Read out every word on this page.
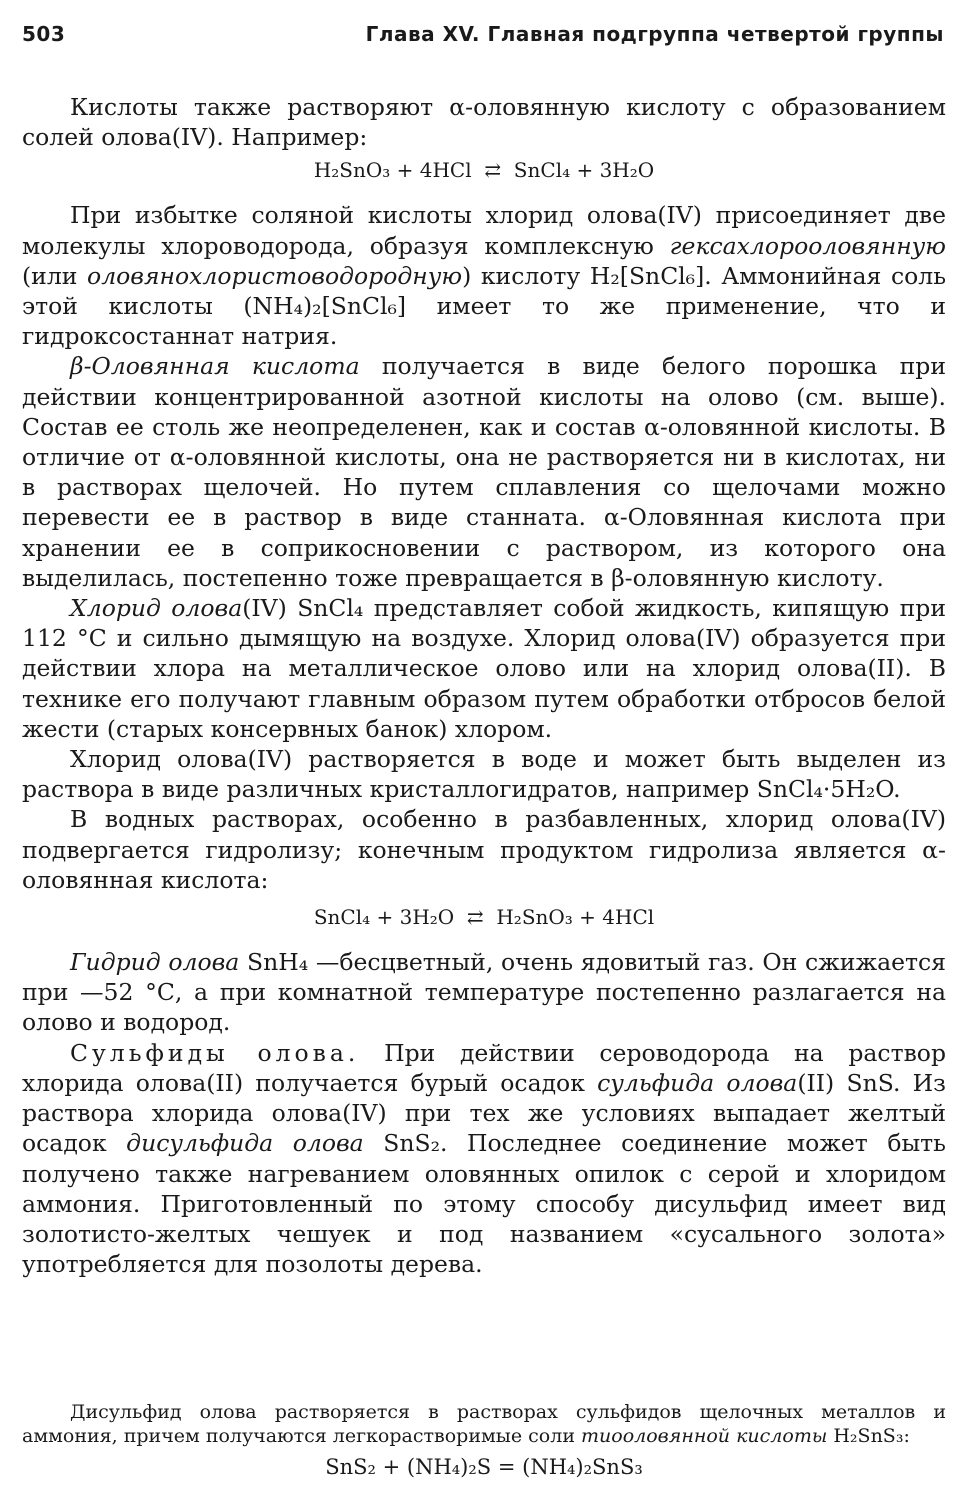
503	Глава XV. Главная подгруппа четвертой группы

Кислоты также растворяют α-оловянную кислоту с образованием солей олова(IV). Например:

H₂SnO₃ + 4HCl  ⇄  SnCl₄ + 3H₂O

При избытке соляной кислоты хлорид олова(IV) присоединяет две молекулы хлороводорода, образуя комплексную гексахлорооловянную (или оловянохлористоводородную) кислоту H₂[SnCl₆]. Аммонийная соль этой кислоты (NH₄)₂[SnCl₆] имеет то же применение, что и гидроксостаннат натрия.

β-Оловянная кислота получается в виде белого порошка при действии концентрированной азотной кислоты на олово (см. выше). Состав ее столь же неопределенен, как и состав α-оловянной кислоты. В отличие от α-оловянной кислоты, она не растворяется ни в кислотах, ни в растворах щелочей. Но путем сплавления со щелочами можно перевести ее в раствор в виде станната. α-Оловянная кислота при хранении ее в соприкосновении с раствором, из которого она выделилась, постепенно тоже превращается в β-оловянную кислоту.

Хлорид олова(IV) SnCl₄ представляет собой жидкость, кипящую при 112 °С и сильно дымящую на воздухе. Хлорид олова(IV) образуется при действии хлора на металлическое олово или на хлорид олова(II). В технике его получают главным образом путем обработки отбросов белой жести (старых консервных банок) хлором.

Хлорид олова(IV) растворяется в воде и может быть выделен из раствора в виде различных кристаллогидратов, например SnCl₄·5H₂O.

В водных растворах, особенно в разбавленных, хлорид олова(IV) подвергается гидролизу; конечным продуктом гидролиза является α-оловянная кислота:

SnCl₄ + 3H₂O  ⇄  H₂SnO₃ + 4HCl

Гидрид олова SnH₄ —бесцветный, очень ядовитый газ. Он сжижается при —52 °С, а при комнатной температуре постепенно разлагается на олово и водород.

Сульфиды олова. При действии сероводорода на раствор хлорида олова(II) получается бурый осадок сульфида олова(II) SnS. Из раствора хлорида олова(IV) при тех же условиях выпадает желтый осадок дисульфида олова SnS₂. Последнее соединение может быть получено также нагреванием оловянных опилок с серой и хлоридом аммония. Приготовленный по этому способу дисульфид имеет вид золотисто-желтых чешуек и под названием «сусального золота» употребляется для позолоты дерева.

Дисульфид олова растворяется в растворах сульфидов щелочных металлов и аммония, причем получаются легкорастворимые соли тиооловянной кислоты H₂SnS₃:

SnS₂ + (NH₄)₂S = (NH₄)₂SnS₃
